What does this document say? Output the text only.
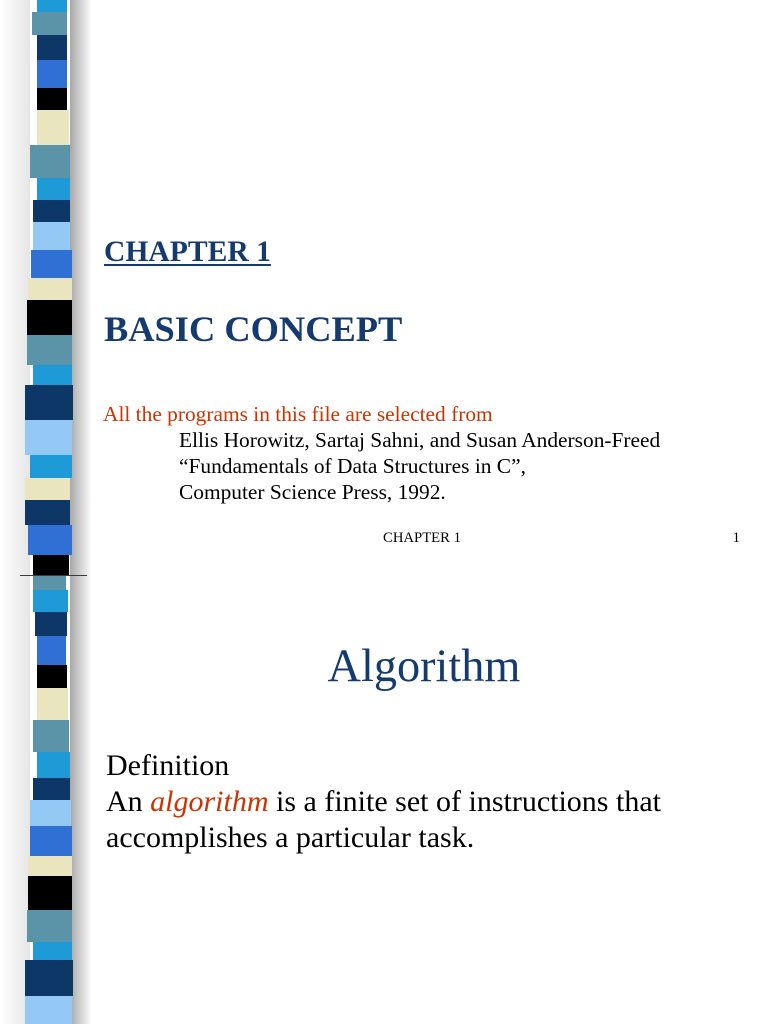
CHAPTER 1
BASIC CONCEPT

All the programs in this file are selected from

Ellis Horowitz, Sartaj Sahni, and Susan Anderson-Freed
“Fundamentals of Data Structures in C”,
Computer Science Press, 1992.
CHAPTER 1	1
Algorithm
Definition
An algorithm is a finite set of instructions that accomplishes a particular task.
